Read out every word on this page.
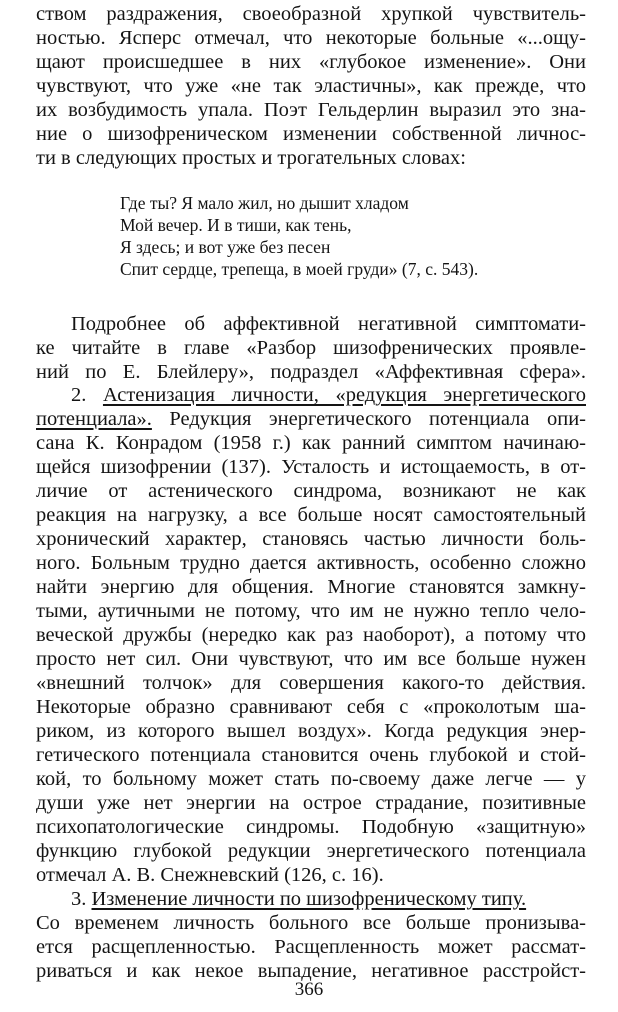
ством раздражения, своеобразной хрупкой чувствитель-
ностью. Ясперс отмечал, что некоторые больные «...ощу-
щают происшедшее в них «глубокое изменение». Они
чувствуют, что уже «не так эластичны», как прежде, что
их возбудимость упала. Поэт Гельдерлин выразил это зна-
ние о шизофреническом изменении собственной личнос-
ти в следующих простых и трогательных словах:
Где ты? Я мало жил, но дышит хладом
Мой вечер. И в тиши, как тень,
Я здесь; и вот уже без песен
Спит сердце, трепеща, в моей груди» (7, с. 543).
Подробнее об аффективной негативной симптомати-
ке читайте в главе «Разбор шизофренических проявле-
ний по Е. Блейлеру», подраздел «Аффективная сфера».
2. Астенизация личности, «редукция энергетического
потенциала». Редукция энергетического потенциала опи-
сана К. Конрадом (1958 г.) как ранний симптом начинаю-
щейся шизофрении (137). Усталость и истощаемость, в от-
личие от астенического синдрома, возникают не как
реакция на нагрузку, а все больше носят самостоятельный
хронический характер, становясь частью личности боль-
ного. Больным трудно дается активность, особенно сложно
найти энергию для общения. Многие становятся замкну-
тыми, аутичными не потому, что им не нужно тепло чело-
веческой дружбы (нередко как раз наоборот), а потому что
просто нет сил. Они чувствуют, что им все больше нужен
«внешний толчок» для совершения какого-то действия.
Некоторые образно сравнивают себя с «проколотым ша-
риком, из которого вышел воздух». Когда редукция энер-
гетического потенциала становится очень глубокой и стой-
кой, то больному может стать по-своему даже легче — у
души уже нет энергии на острое страдание, позитивные
психопатологические синдромы. Подобную «защитную»
функцию глубокой редукции энергетического потенциала
отмечал А. В. Снежневский (126, с. 16).
3. Изменение личности по шизофреническому типу.
Со временем личность больного все больше пронизыва-
ется расщепленностью. Расщепленность может рассмат-
риваться и как некое выпадение, негативное расстройст-
366
